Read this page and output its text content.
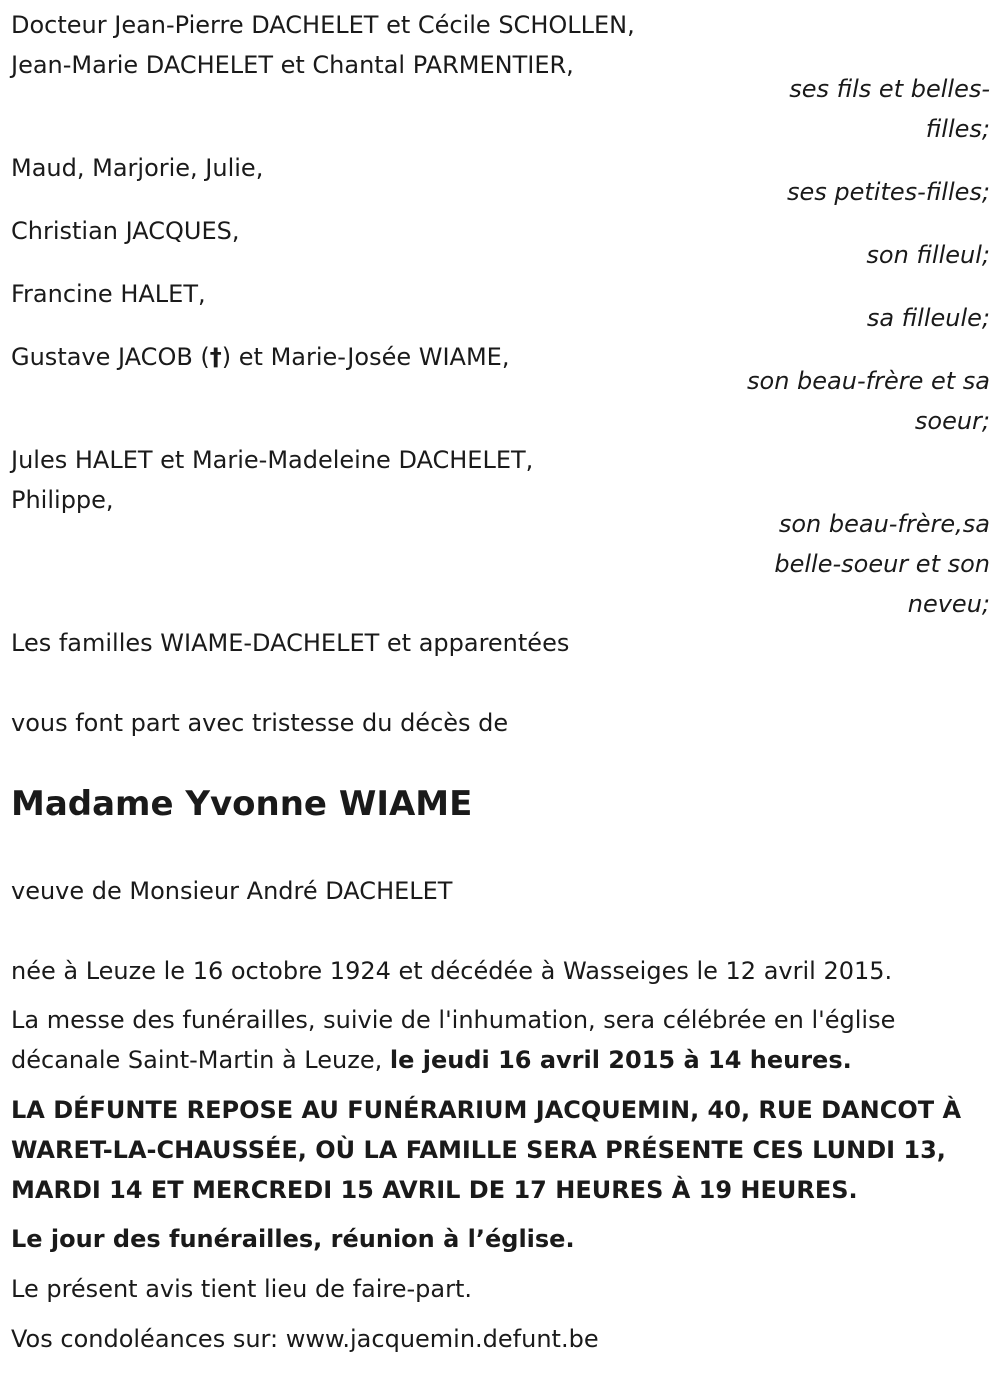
Docteur Jean-Pierre DACHELET et Cécile SCHOLLEN,
Jean-Marie DACHELET et Chantal PARMENTIER,
ses fils et belles-
filles;
Maud, Marjorie, Julie,
ses petites-filles;
Christian JACQUES,
son filleul;
Francine HALET,
sa filleule;
Gustave JACOB (†) et Marie-Josée WIAME,
son beau-frère et sa
soeur;
Jules HALET et Marie-Madeleine DACHELET,
Philippe,
son beau-frère,sa
belle-soeur et son
neveu;
Les familles WIAME-DACHELET et apparentées
vous font part avec tristesse du décès de
Madame Yvonne WIAME
veuve de Monsieur André DACHELET
née à Leuze le 16 octobre 1924 et décédée à Wasseiges le 12 avril 2015.
La messe des funérailles, suivie de l'inhumation, sera célébrée en l'église
décanale Saint-Martin à Leuze, le jeudi 16 avril 2015 à 14 heures.
LA DÉFUNTE REPOSE AU FUNÉRARIUM JACQUEMIN, 40, RUE DANCOT À
WARET-LA-CHAUSSÉE, OÙ LA FAMILLE SERA PRÉSENTE CES LUNDI 13,
MARDI 14 ET MERCREDI 15 AVRIL DE 17 HEURES À 19 HEURES.
Le jour des funérailles, réunion à l’église.
Le présent avis tient lieu de faire-part.
Vos condoléances sur: www.jacquemin.defunt.be
